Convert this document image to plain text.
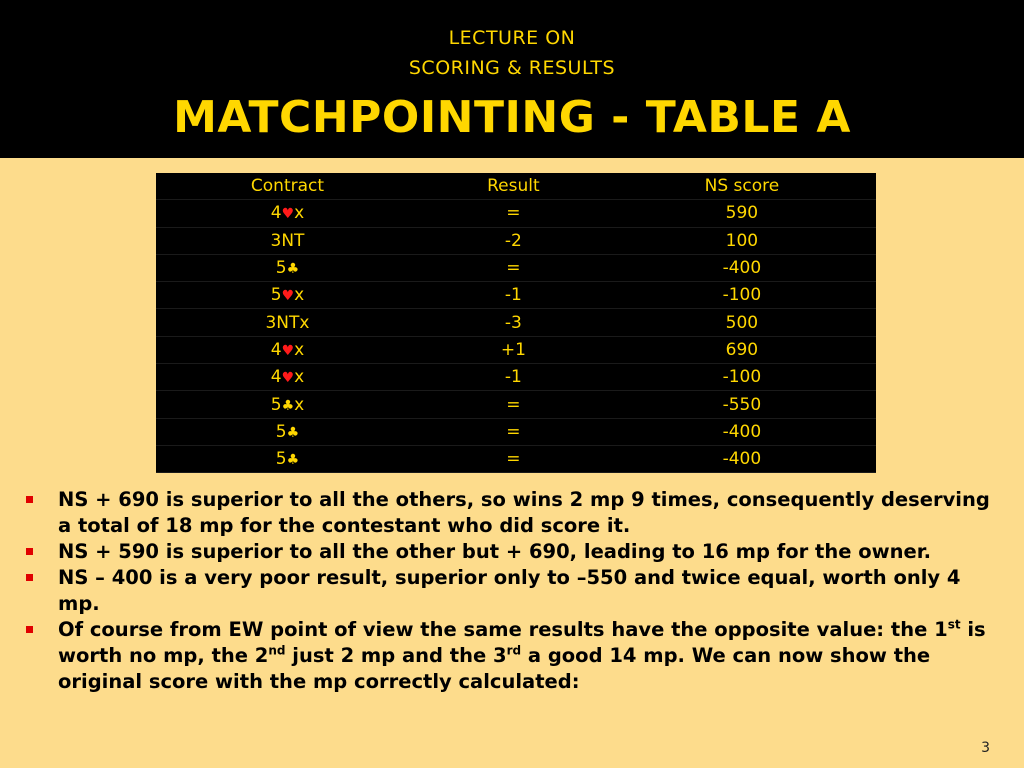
LECTURE ON
SCORING & RESULTS
MATCHPOINTING - TABLE A
Contract	Result	NS score
4♥x	=	590
3NT	-2	100
5♣	=	-400
5♥x	-1	-100
3NTx	-3	500
4♥x	+1	690
4♥x	-1	-100
5♣x	=	-550
5♣	=	-400
5♣	=	-400
NS + 690 is superior to all the others, so wins 2 mp 9 times, consequently deserving a total of 18 mp for the contestant who did score it.
NS + 590 is superior to all the other but + 690, leading to 16 mp for the owner.
NS – 400 is a very poor result, superior only to –550 and twice equal, worth only 4 mp.
Of course from EW point of view the same results have the opposite value: the 1st is worth no mp, the 2nd just 2 mp and the 3rd a good 14 mp. We can now show the original score with the mp correctly calculated:
3
